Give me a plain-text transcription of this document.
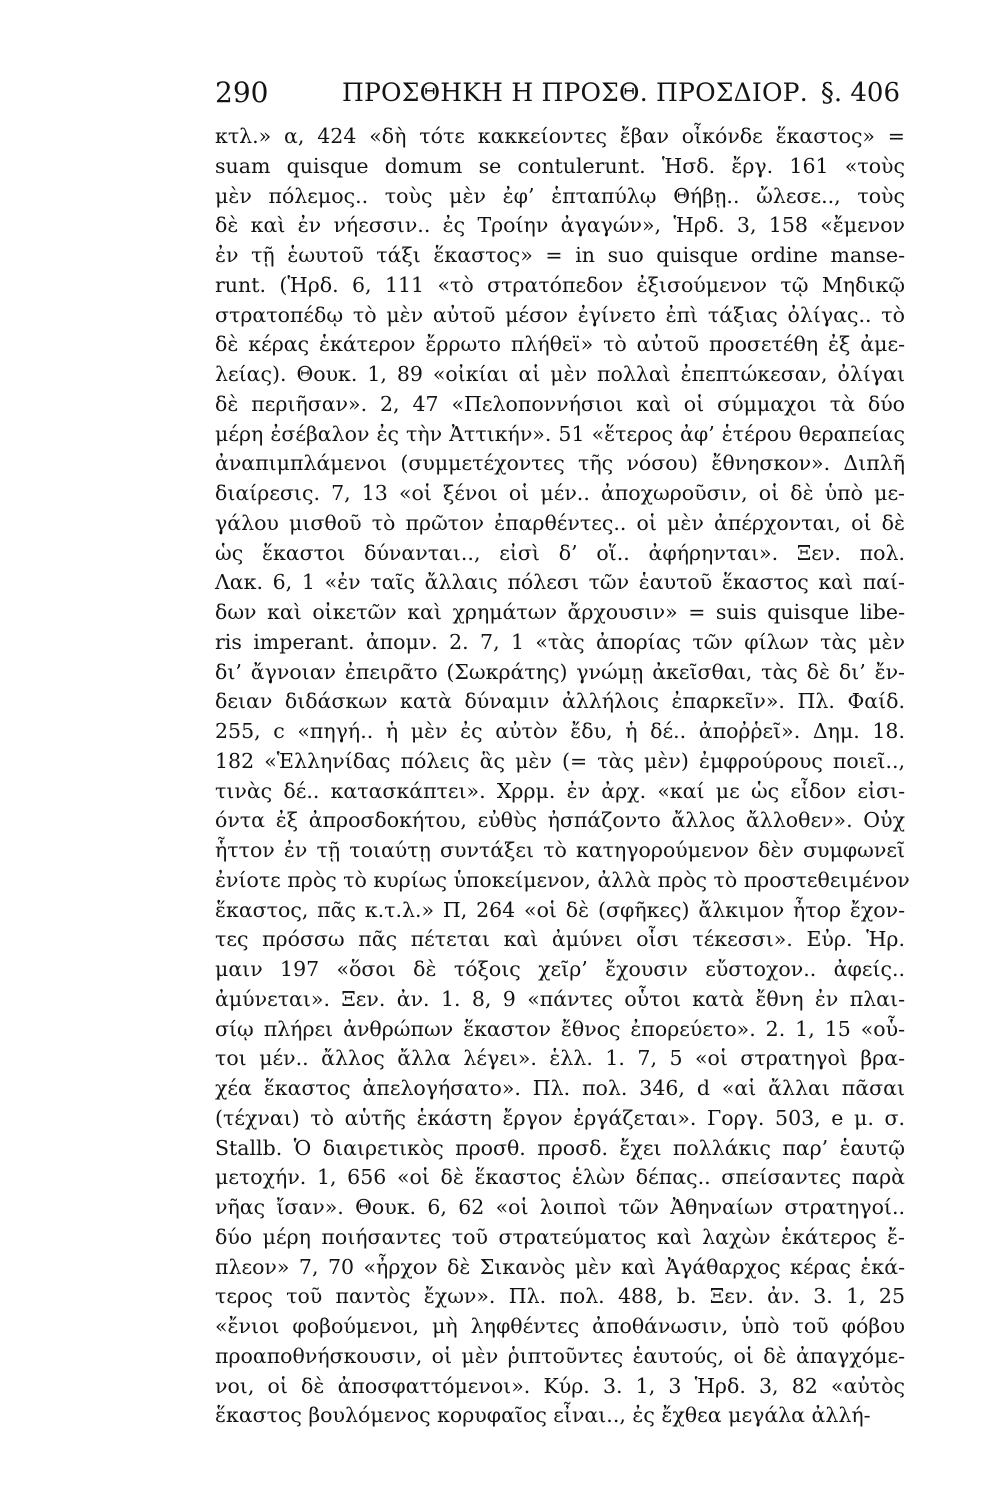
290	ΠΡΟΣΘΗΚΗ Η ΠΡΟΣΘ. ΠΡΟΣΔΙΟΡ. §. 406
κτλ.» α, 424 «δὴ τότε κακκείοντες ἔβαν οἶκόνδε ἕκαστος» =
suam quisque domum se contulerunt. Ἡσδ. ἔργ. 161 «τοὺς
μὲν πόλεμος.. τοὺς μὲν ἐφ’ ἑπταπύλῳ Θήβῃ.. ὤλεσε.., τοὺς
δὲ καὶ ἐν νήεσσιν.. ἐς Τροίην ἀγαγών», Ἡρδ. 3, 158 «ἔμενον
ἐν τῇ ἑωυτοῦ τάξι ἕκαστος» = in suo quisque ordine manse-
runt. (Ἡρδ. 6, 111 «τὸ στρατόπεδον ἐξισούμενον τῷ Μηδικῷ
στρατοπέδῳ τὸ μὲν αὐτοῦ μέσον ἐγίνετο ἐπὶ τάξιας ὀλίγας.. τὸ
δὲ κέρας ἑκάτερον ἔρρωτο πλήθεϊ» τὸ αὐτοῦ προσετέθη ἐξ ἀμε-
λείας). Θουκ. 1, 89 «οἰκίαι αἱ μὲν πολλαὶ ἐπεπτώκεσαν, ὀλίγαι
δὲ περιῆσαν». 2, 47 «Πελοποννήσιοι καὶ οἱ σύμμαχοι τὰ δύο
μέρη ἐσέβαλον ἐς τὴν Ἀττικήν». 51 «ἕτερος ἀφ’ ἑτέρου θεραπείας
ἀναπιμπλάμενοι (συμμετέχοντες τῆς νόσου) ἔθνησκον». Διπλῆ
διαίρεσις. 7, 13 «οἱ ξένοι οἱ μέν.. ἀποχωροῦσιν, οἱ δὲ ὑπὸ με-
γάλου μισθοῦ τὸ πρῶτον ἐπαρθέντες.. οἱ μὲν ἀπέρχονται, οἱ δὲ
ὡς ἕκαστοι δύνανται.., εἰσὶ δ’ οἵ.. ἀφήρηνται». Ξεν. πολ.
Λακ. 6, 1 «ἐν ταῖς ἄλλαις πόλεσι τῶν ἑαυτοῦ ἕκαστος καὶ παί-
δων καὶ οἰκετῶν καὶ χρημάτων ἄρχουσιν» = suis quisque libe-
ris imperant. ἀπομν. 2. 7, 1 «τὰς ἀπορίας τῶν φίλων τὰς μὲν
δι’ ἄγνοιαν ἐπειρᾶτο (Σωκράτης) γνώμῃ ἀκεῖσθαι, τὰς δὲ δι’ ἔν-
δειαν διδάσκων κατὰ δύναμιν ἀλλήλοις ἐπαρκεῖν». Πλ. Φαίδ.
255, c «πηγή.. ἡ μὲν ἐς αὐτὸν ἔδυ, ἡ δέ.. ἀποῤῥεῖ». Δημ. 18.
182 «Ἑλληνίδας πόλεις ἃς μὲν (= τὰς μὲν) ἐμφρούρους ποιεῖ..,
τινὰς δέ.. κατασκάπτει». Χρρμ. ἐν ἀρχ. «καί με ὡς εἶδον εἰσι-
όντα ἐξ ἀπροσδοκήτου, εὐθὺς ἠσπάζοντο ἄλλος ἄλλοθεν». Οὐχ
ἧττον ἐν τῇ τοιαύτῃ συντάξει τὸ κατηγορούμενον δὲν συμφωνεῖ
ἐνίοτε πρὸς τὸ κυρίως ὑποκείμενον, ἀλλὰ πρὸς τὸ προστεθειμένον
ἕκαστος, πᾶς κ.τ.λ.» Π, 264 «οἱ δὲ (σφῆκες) ἄλκιμον ἦτορ ἔχον-
τες πρόσσω πᾶς πέτεται καὶ ἀμύνει οἷσι τέκεσσι». Εὐρ. Ἡρ.
μαιν 197 «ὅσοι δὲ τόξοις χεῖρ’ ἔχουσιν εὔστοχον.. ἀφείς..
ἀμύνεται». Ξεν. ἀν. 1. 8, 9 «πάντες οὗτοι κατὰ ἔθνη ἐν πλαι-
σίῳ πλήρει ἀνθρώπων ἕκαστον ἔθνος ἐπορεύετο». 2. 1, 15 «οὗ-
τοι μέν.. ἄλλος ἄλλα λέγει». ἑλλ. 1. 7, 5 «οἱ στρατηγοὶ βρα-
χέα ἕκαστος ἀπελογήσατο». Πλ. πολ. 346, d «αἱ ἄλλαι πᾶσαι
(τέχναι) τὸ αὑτῆς ἑκάστη ἔργον ἐργάζεται». Γοργ. 503, e μ. σ.
Stallb. Ὁ διαιρετικὸς προσθ. προσδ. ἔχει πολλάκις παρ’ ἑαυτῷ
μετοχήν. 1, 656 «οἱ δὲ ἕκαστος ἑλὼν δέπας.. σπείσαντες παρὰ
νῆας ἴσαν». Θουκ. 6, 62 «οἱ λοιποὶ τῶν Ἀθηναίων στρατηγοί..
δύο μέρη ποιήσαντες τοῦ στρατεύματος καὶ λαχὼν ἑκάτερος ἔ-
πλεον» 7, 70 «ἦρχον δὲ Σικανὸς μὲν καὶ Ἀγάθαρχος κέρας ἑκά-
τερος τοῦ παντὸς ἔχων». Πλ. πολ. 488, b. Ξεν. ἀν. 3. 1, 25
«ἔνιοι φοβούμενοι, μὴ ληφθέντες ἀποθάνωσιν, ὑπὸ τοῦ φόβου
προαποθνήσκουσιν, οἱ μὲν ῥιπτοῦντες ἑαυτούς, οἱ δὲ ἀπαγχόμε-
νοι, οἱ δὲ ἀποσφαττόμενοι». Κύρ. 3. 1, 3 Ἡρδ. 3, 82 «αὐτὸς
ἕκαστος βουλόμενος κορυφαῖος εἶναι.., ἐς ἔχθεα μεγάλα ἀλλή-
